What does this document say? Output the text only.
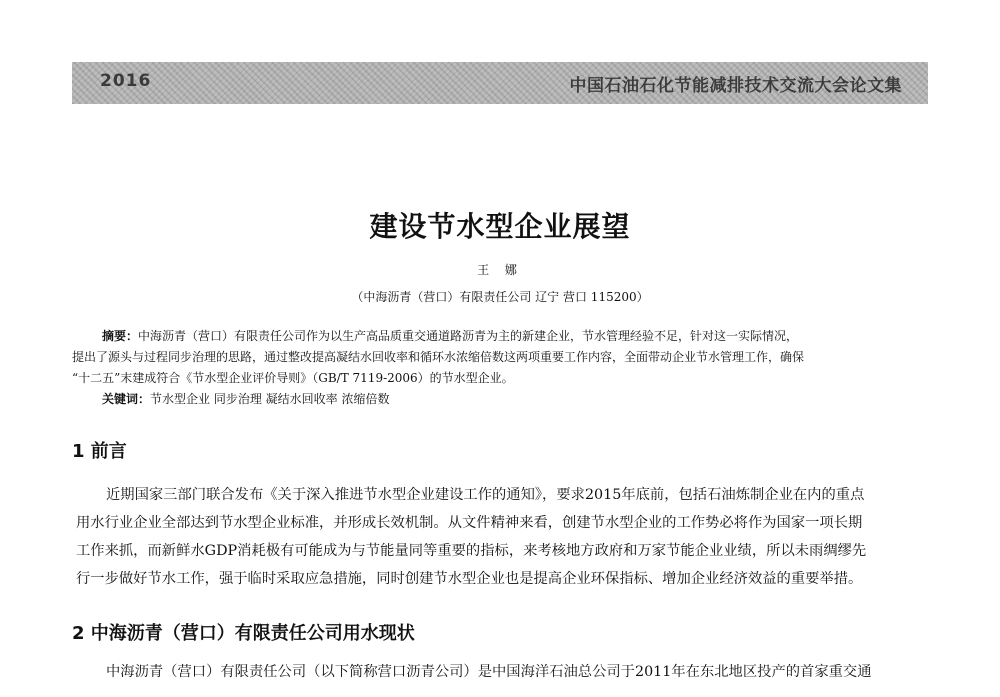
2016	中国石油石化节能减排技术交流大会论文集
建设节水型企业展望
王 娜
（中海沥青（营口）有限责任公司 辽宁 营口 115200）
摘要：中海沥青（营口）有限责任公司作为以生产高品质重交通道路沥青为主的新建企业，节水管理经验不足，针对这一实际情况，
提出了源头与过程同步治理的思路，通过整改提高凝结水回收率和循环水浓缩倍数这两项重要工作内容，全面带动企业节水管理工作，确保
“十二五”末建成符合《节水型企业评价导则》（GB/T 7119-2006）的节水型企业。
关键词：节水型企业 同步治理 凝结水回收率 浓缩倍数
1 前言
近期国家三部门联合发布《关于深入推进节水型企业建设工作的通知》，要求2015年底前，包括石油炼制企业在内的重点
用水行业企业全部达到节水型企业标准，并形成长效机制。从文件精神来看，创建节水型企业的工作势必将作为国家一项长期
工作来抓，而新鲜水GDP消耗极有可能成为与节能量同等重要的指标，来考核地方政府和万家节能企业业绩，所以未雨绸缪先
行一步做好节水工作，强于临时采取应急措施，同时创建节水型企业也是提高企业环保指标、增加企业经济效益的重要举措。
2 中海沥青（营口）有限责任公司用水现状
中海沥青（营口）有限责任公司（以下简称营口沥青公司）是中国海洋石油总公司于2011年在东北地区投产的首家重交通
